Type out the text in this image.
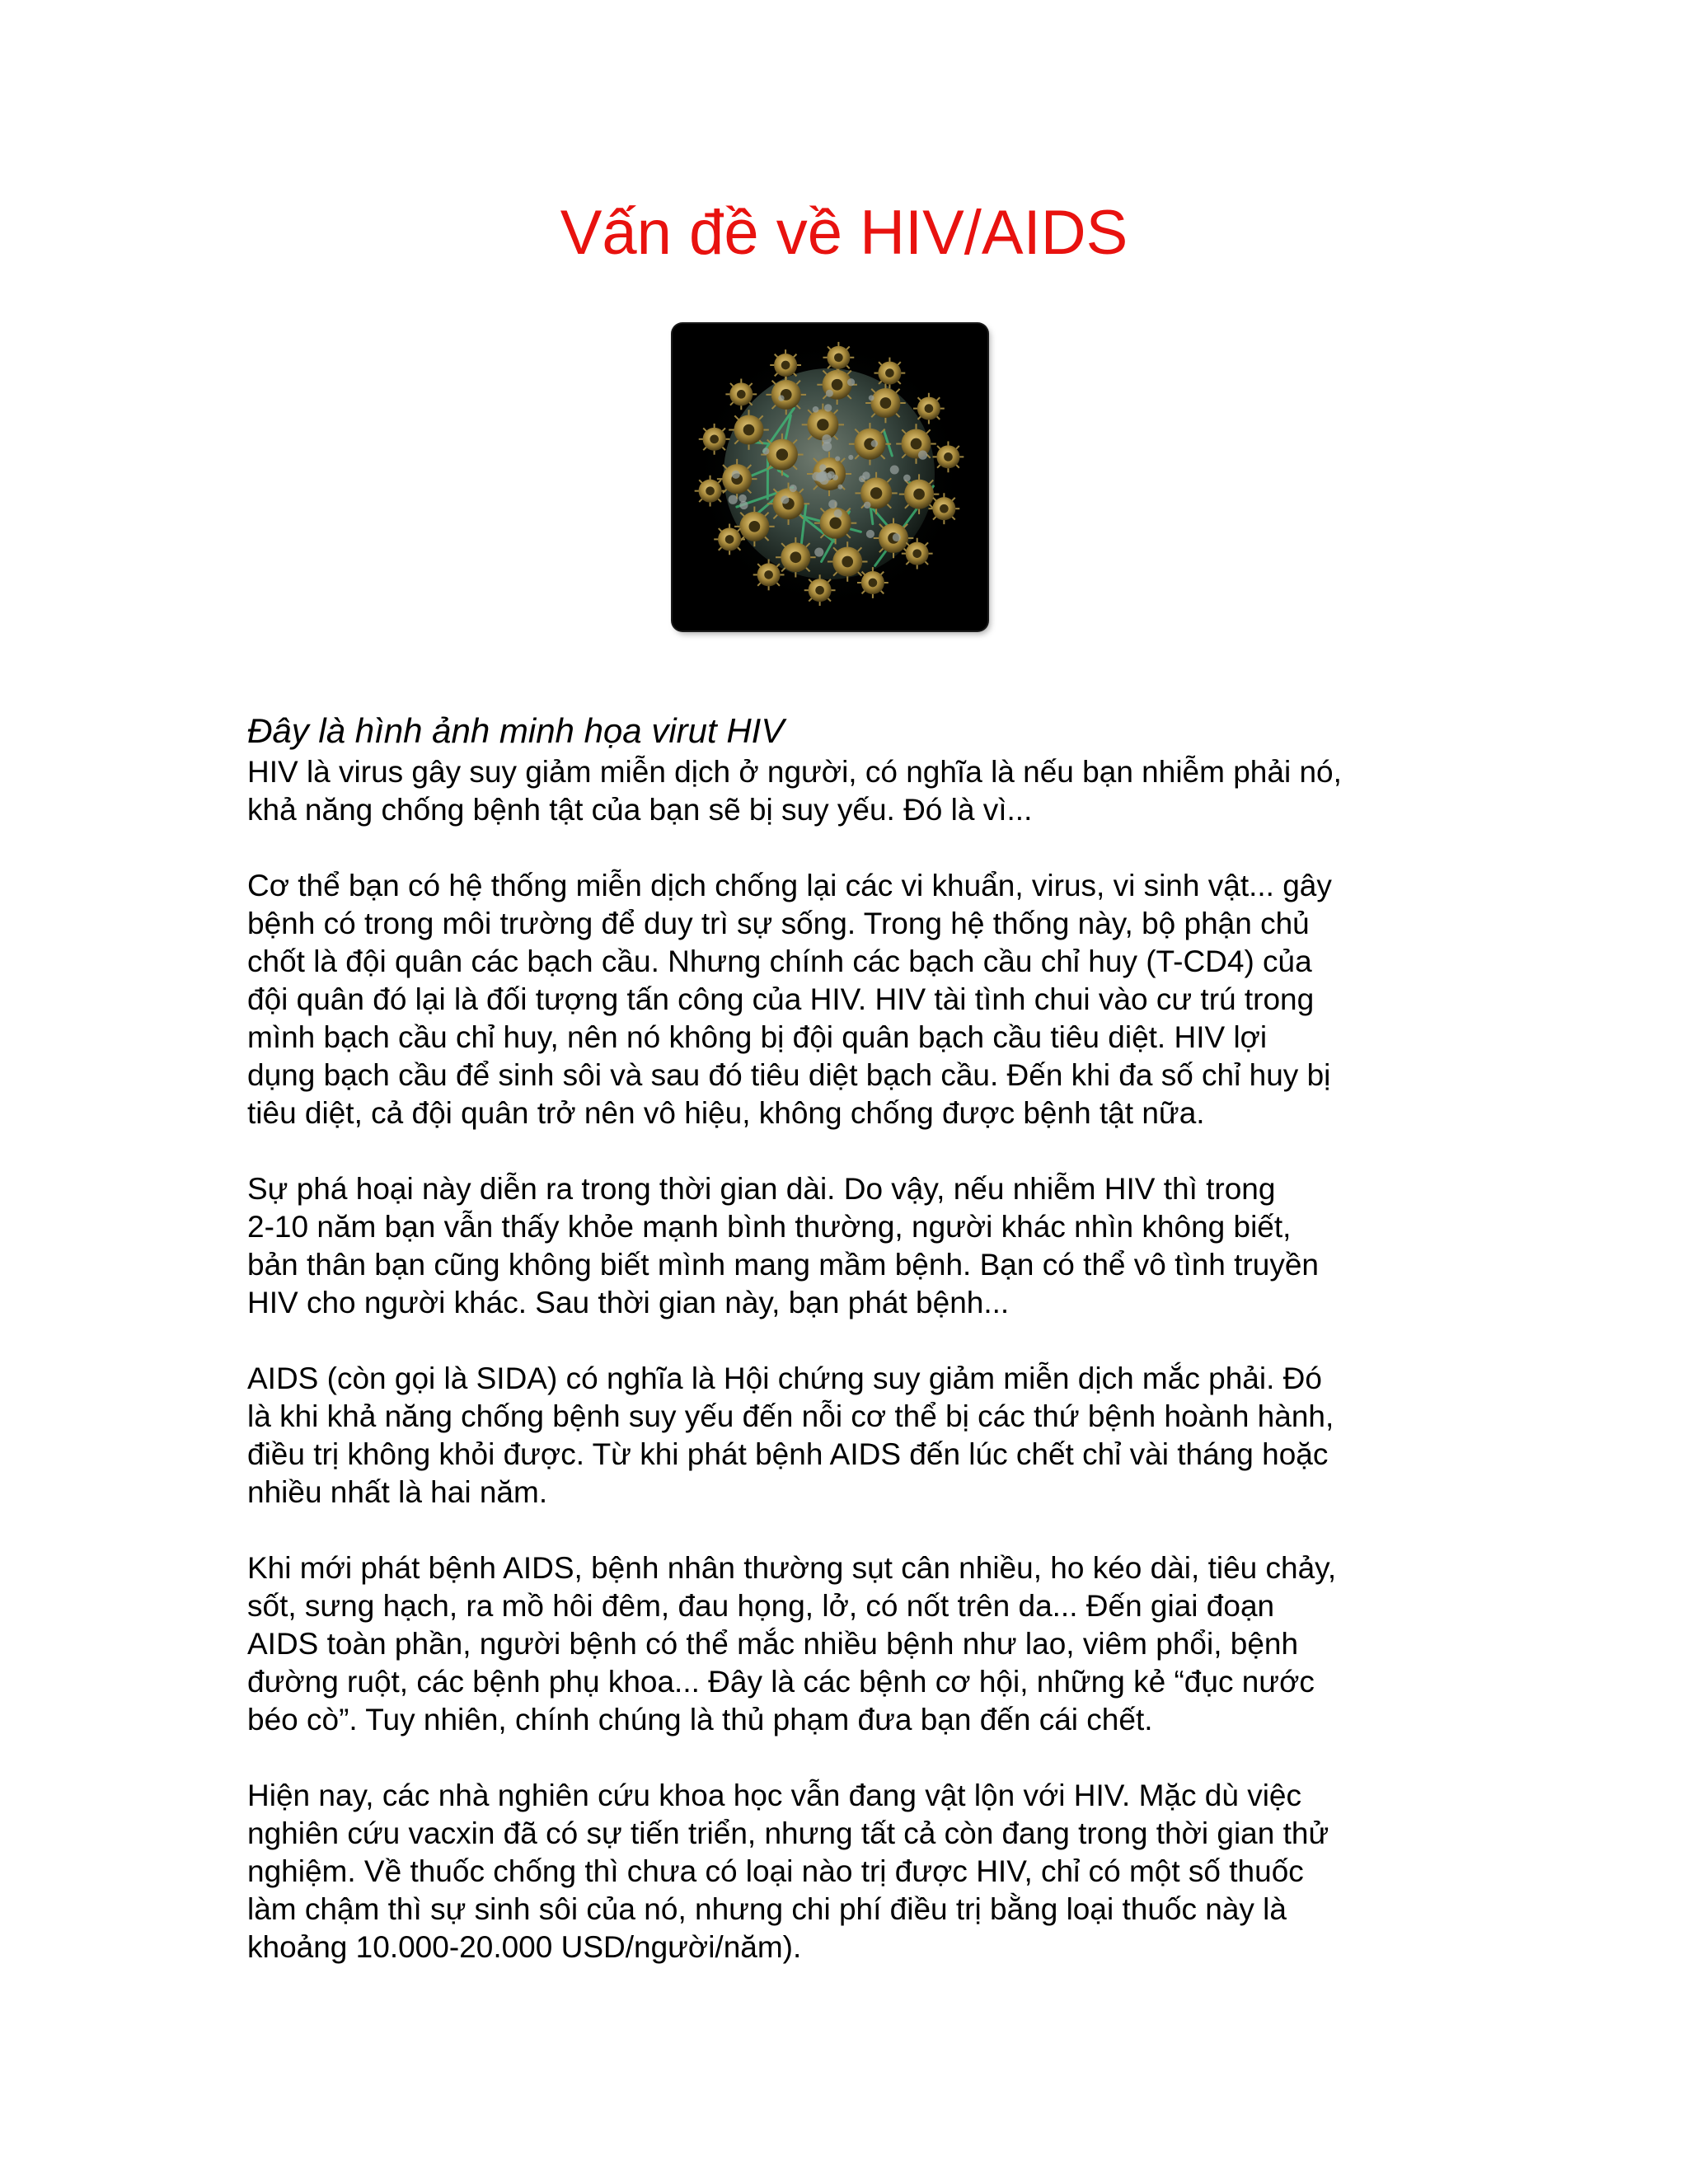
Vấn đề về HIV/AIDS

Đây là hình ảnh minh họa virut HIV

HIV là virus gây suy giảm miễn dịch ở người, có nghĩa là nếu bạn nhiễm phải nó,
khả năng chống bệnh tật của bạn sẽ bị suy yếu. Đó là vì...

Cơ thể bạn có hệ thống miễn dịch chống lại các vi khuẩn, virus, vi sinh vật... gây
bệnh có trong môi trường để duy trì sự sống. Trong hệ thống này, bộ phận chủ
chốt là đội quân các bạch cầu. Nhưng chính các bạch cầu chỉ huy (T-CD4) của
đội quân đó lại là đối tượng tấn công của HIV. HIV tài tình chui vào cư trú trong
mình bạch cầu chỉ huy, nên nó không bị đội quân bạch cầu tiêu diệt. HIV lợi
dụng bạch cầu để sinh sôi và sau đó tiêu diệt bạch cầu. Đến khi đa số chỉ huy bị
tiêu diệt, cả đội quân trở nên vô hiệu, không chống được bệnh tật nữa.

Sự phá hoại này diễn ra trong thời gian dài. Do vậy, nếu nhiễm HIV thì trong
2-10 năm bạn vẫn thấy khỏe mạnh bình thường, người khác nhìn không biết,
bản thân bạn cũng không biết mình mang mầm bệnh. Bạn có thể vô tình truyền
HIV cho người khác. Sau thời gian này, bạn phát bệnh...

AIDS (còn gọi là SIDA) có nghĩa là Hội chứng suy giảm miễn dịch mắc phải. Đó
là khi khả năng chống bệnh suy yếu đến nỗi cơ thể bị các thứ bệnh hoành hành,
điều trị không khỏi được. Từ khi phát bệnh AIDS đến lúc chết chỉ vài tháng hoặc
nhiều nhất là hai năm.

Khi mới phát bệnh AIDS, bệnh nhân thường sụt cân nhiều, ho kéo dài, tiêu chảy,
sốt, sưng hạch, ra mồ hôi đêm, đau họng, lở, có nốt trên da... Đến giai đoạn
AIDS toàn phần, người bệnh có thể mắc nhiều bệnh như lao, viêm phổi, bệnh
đường ruột, các bệnh phụ khoa... Đây là các bệnh cơ hội, những kẻ “đục nước
béo cò”. Tuy nhiên, chính chúng là thủ phạm đưa bạn đến cái chết.

Hiện nay, các nhà nghiên cứu khoa học vẫn đang vật lộn với HIV. Mặc dù việc
nghiên cứu vacxin đã có sự tiến triển, nhưng tất cả còn đang trong thời gian thử
nghiệm. Về thuốc chống thì chưa có loại nào trị được HIV, chỉ có một số thuốc
làm chậm thì sự sinh sôi của nó, nhưng chi phí điều trị bằng loại thuốc này là
khoảng 10.000-20.000 USD/người/năm).
